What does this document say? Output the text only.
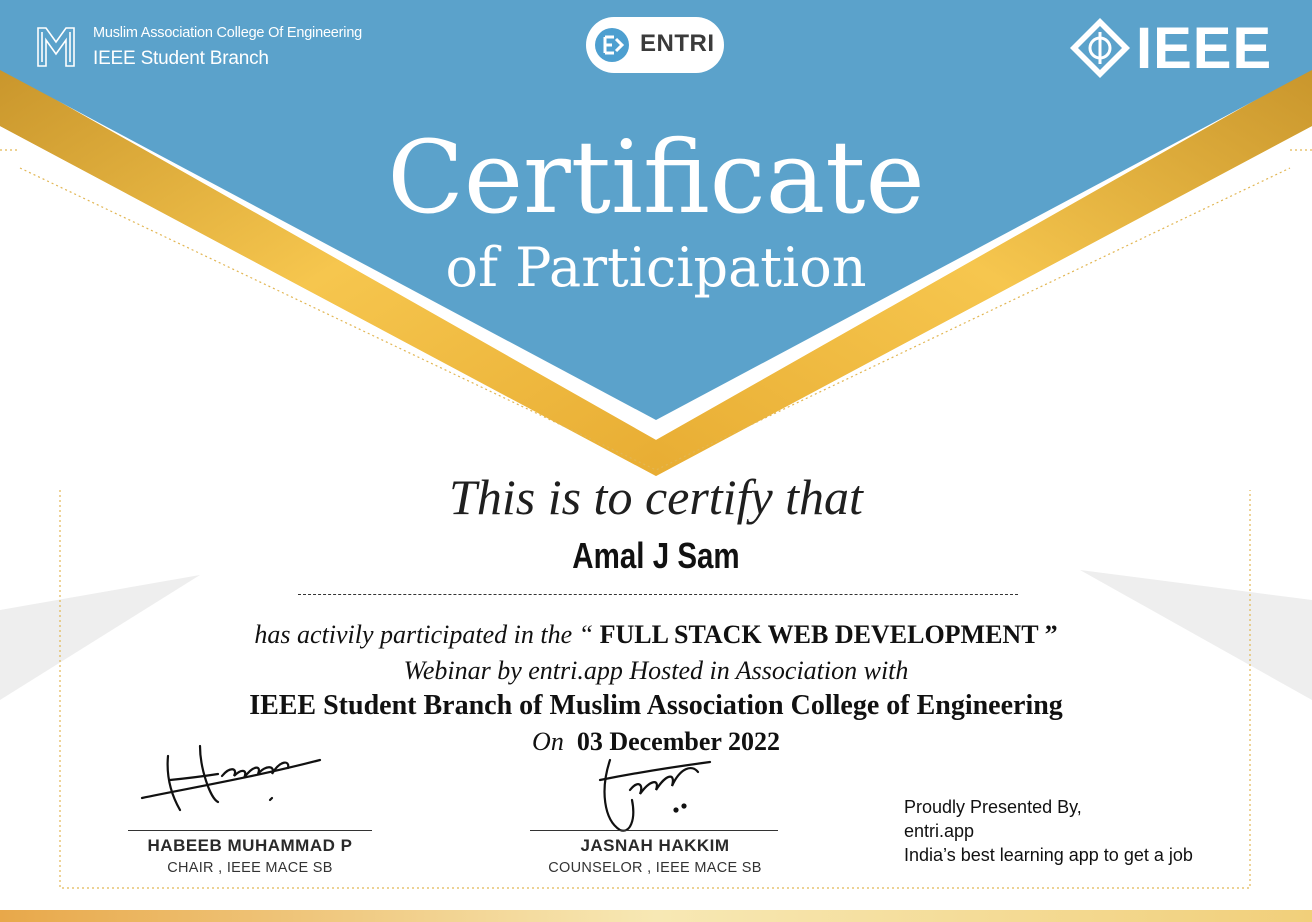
Muslim Association College Of Engineering
IEEE Student Branch
ENTRI	IEEE
Certificate
of Participation
This is to certify that
Amal J Sam
has activily participated in the “ FULL STACK WEB DEVELOPMENT ”
Webinar by entri.app Hosted in Association with
IEEE Student Branch of Muslim Association College of Engineering
On 03 December 2022
HABEEB MUHAMMAD P
CHAIR , IEEE MACE SB
JASNAH HAKKIM
COUNSELOR , IEEE MACE SB
Proudly Presented By,
entri.app
India’s best learning app to get a job
